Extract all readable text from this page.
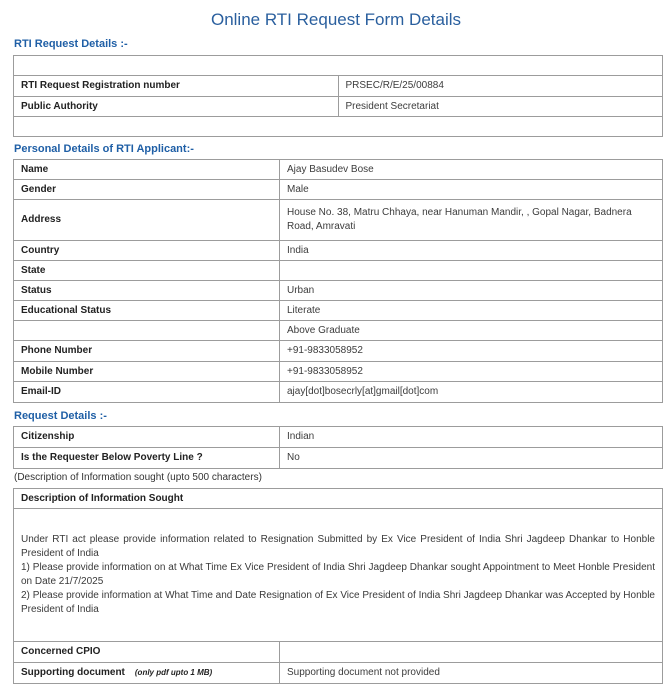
Online RTI Request Form Details
RTI Request Details :-

RTI Request Registration number	PRSEC/R/E/25/00884
Public Authority	President Secretariat

Personal Details of RTI Applicant:-
Name	Ajay Basudev Bose
Gender	Male
Address	House No. 38, Matru Chhaya, near Hanuman Mandir, , Gopal Nagar, Badnera Road, Amravati
Country	India
State	
Status	Urban
Educational Status	Literate
	Above Graduate
Phone Number	+91-9833058952
Mobile Number	+91-9833058952
Email-ID	ajay[dot]bosecrly[at]gmail[dot]com
Request Details :-
Citizenship	Indian
Is the Requester Below Poverty Line ?	No
(Description of Information sought (upto 500 characters)
Description of Information Sought

Under RTI act please provide information related to Resignation Submitted by Ex Vice President of India Shri Jagdeep Dhankar to Honble President of India
1) Please provide information on at What Time Ex Vice President of India Shri Jagdeep Dhankar sought Appointment to Meet Honble President on Date 21/7/2025
2) Please provide information at What Time and Date Resignation of Ex Vice President of India Shri Jagdeep Dhankar was Accepted by Honble President of India
Concerned CPIO	
Supporting document (only pdf upto 1 MB)	Supporting document not provided
